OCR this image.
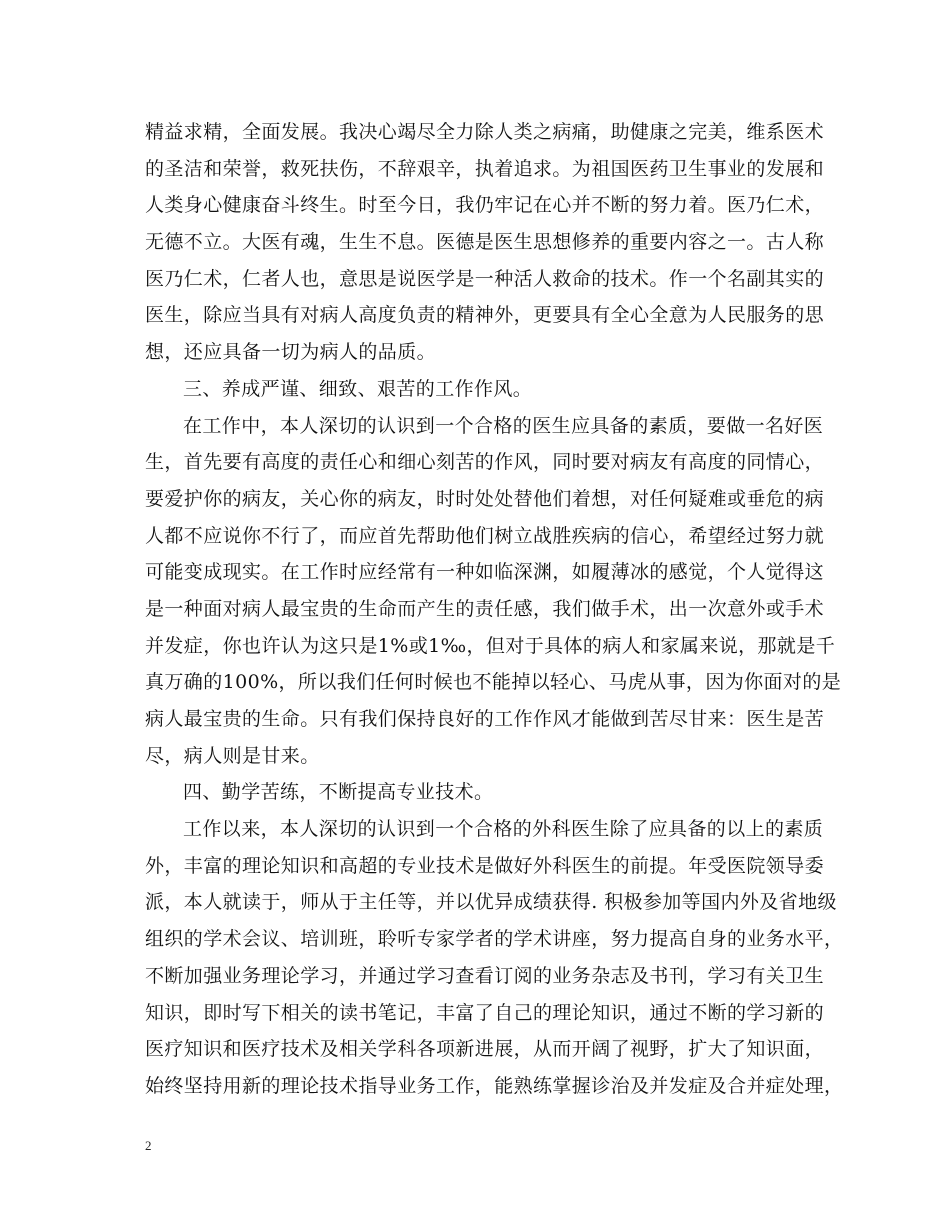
精益求精，全面发展。我决心竭尽全力除人类之病痛，助健康之完美，维系医术
的圣洁和荣誉，救死扶伤，不辞艰辛，执着追求。为祖国医药卫生事业的发展和
人类身心健康奋斗终生。时至今日，我仍牢记在心并不断的努力着。医乃仁术，
无德不立。大医有魂，生生不息。医德是医生思想修养的重要内容之一。古人称
医乃仁术，仁者人也，意思是说医学是一种活人救命的技术。作一个名副其实的
医生，除应当具有对病人高度负责的精神外，更要具有全心全意为人民服务的思
想，还应具备一切为病人的品质。
三、养成严谨、细致、艰苦的工作作风。
在工作中，本人深切的认识到一个合格的医生应具备的素质，要做一名好医
生，首先要有高度的责任心和细心刻苦的作风，同时要对病友有高度的同情心，
要爱护你的病友，关心你的病友，时时处处替他们着想，对任何疑难或垂危的病
人都不应说你不行了，而应首先帮助他们树立战胜疾病的信心，希望经过努力就
可能变成现实。在工作时应经常有一种如临深渊，如履薄冰的感觉，个人觉得这
是一种面对病人最宝贵的生命而产生的责任感，我们做手术，出一次意外或手术
并发症，你也许认为这只是1%或1‰，但对于具体的病人和家属来说，那就是千
真万确的100%，所以我们任何时候也不能掉以轻心、马虎从事，因为你面对的是
病人最宝贵的生命。只有我们保持良好的工作作风才能做到苦尽甘来：医生是苦
尽，病人则是甘来。
四、勤学苦练，不断提高专业技术。
工作以来，本人深切的认识到一个合格的外科医生除了应具备的以上的素质
外，丰富的理论知识和高超的专业技术是做好外科医生的前提。年受医院领导委
派，本人就读于，师从于主任等，并以优异成绩获得. 积极参加等国内外及省地级
组织的学术会议、培训班，聆听专家学者的学术讲座，努力提高自身的业务水平，
不断加强业务理论学习，并通过学习查看订阅的业务杂志及书刊，学习有关卫生
知识，即时写下相关的读书笔记，丰富了自己的理论知识，通过不断的学习新的
医疗知识和医疗技术及相关学科各项新进展，从而开阔了视野，扩大了知识面，
始终坚持用新的理论技术指导业务工作，能熟练掌握诊治及并发症及合并症处理，
2
